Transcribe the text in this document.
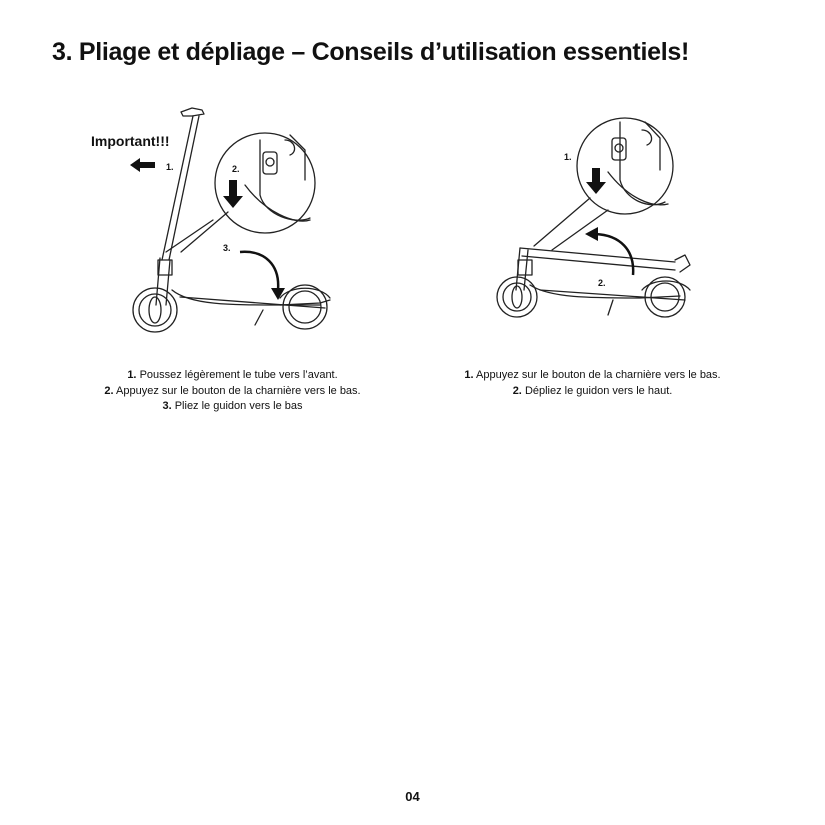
3. Pliage et dépliage – Conseils d’utilisation essentiels!
Important!!!
1.	2.
3.
1.
2.

1. Poussez légèrement le tube vers l’avant.

2. Appuyez sur le bouton de la charnière vers le bas.

3. Pliez le guidon vers le bas

1. Appuyez sur le bouton de la charnière vers le bas.

2. Dépliez le guidon vers le haut.

04
